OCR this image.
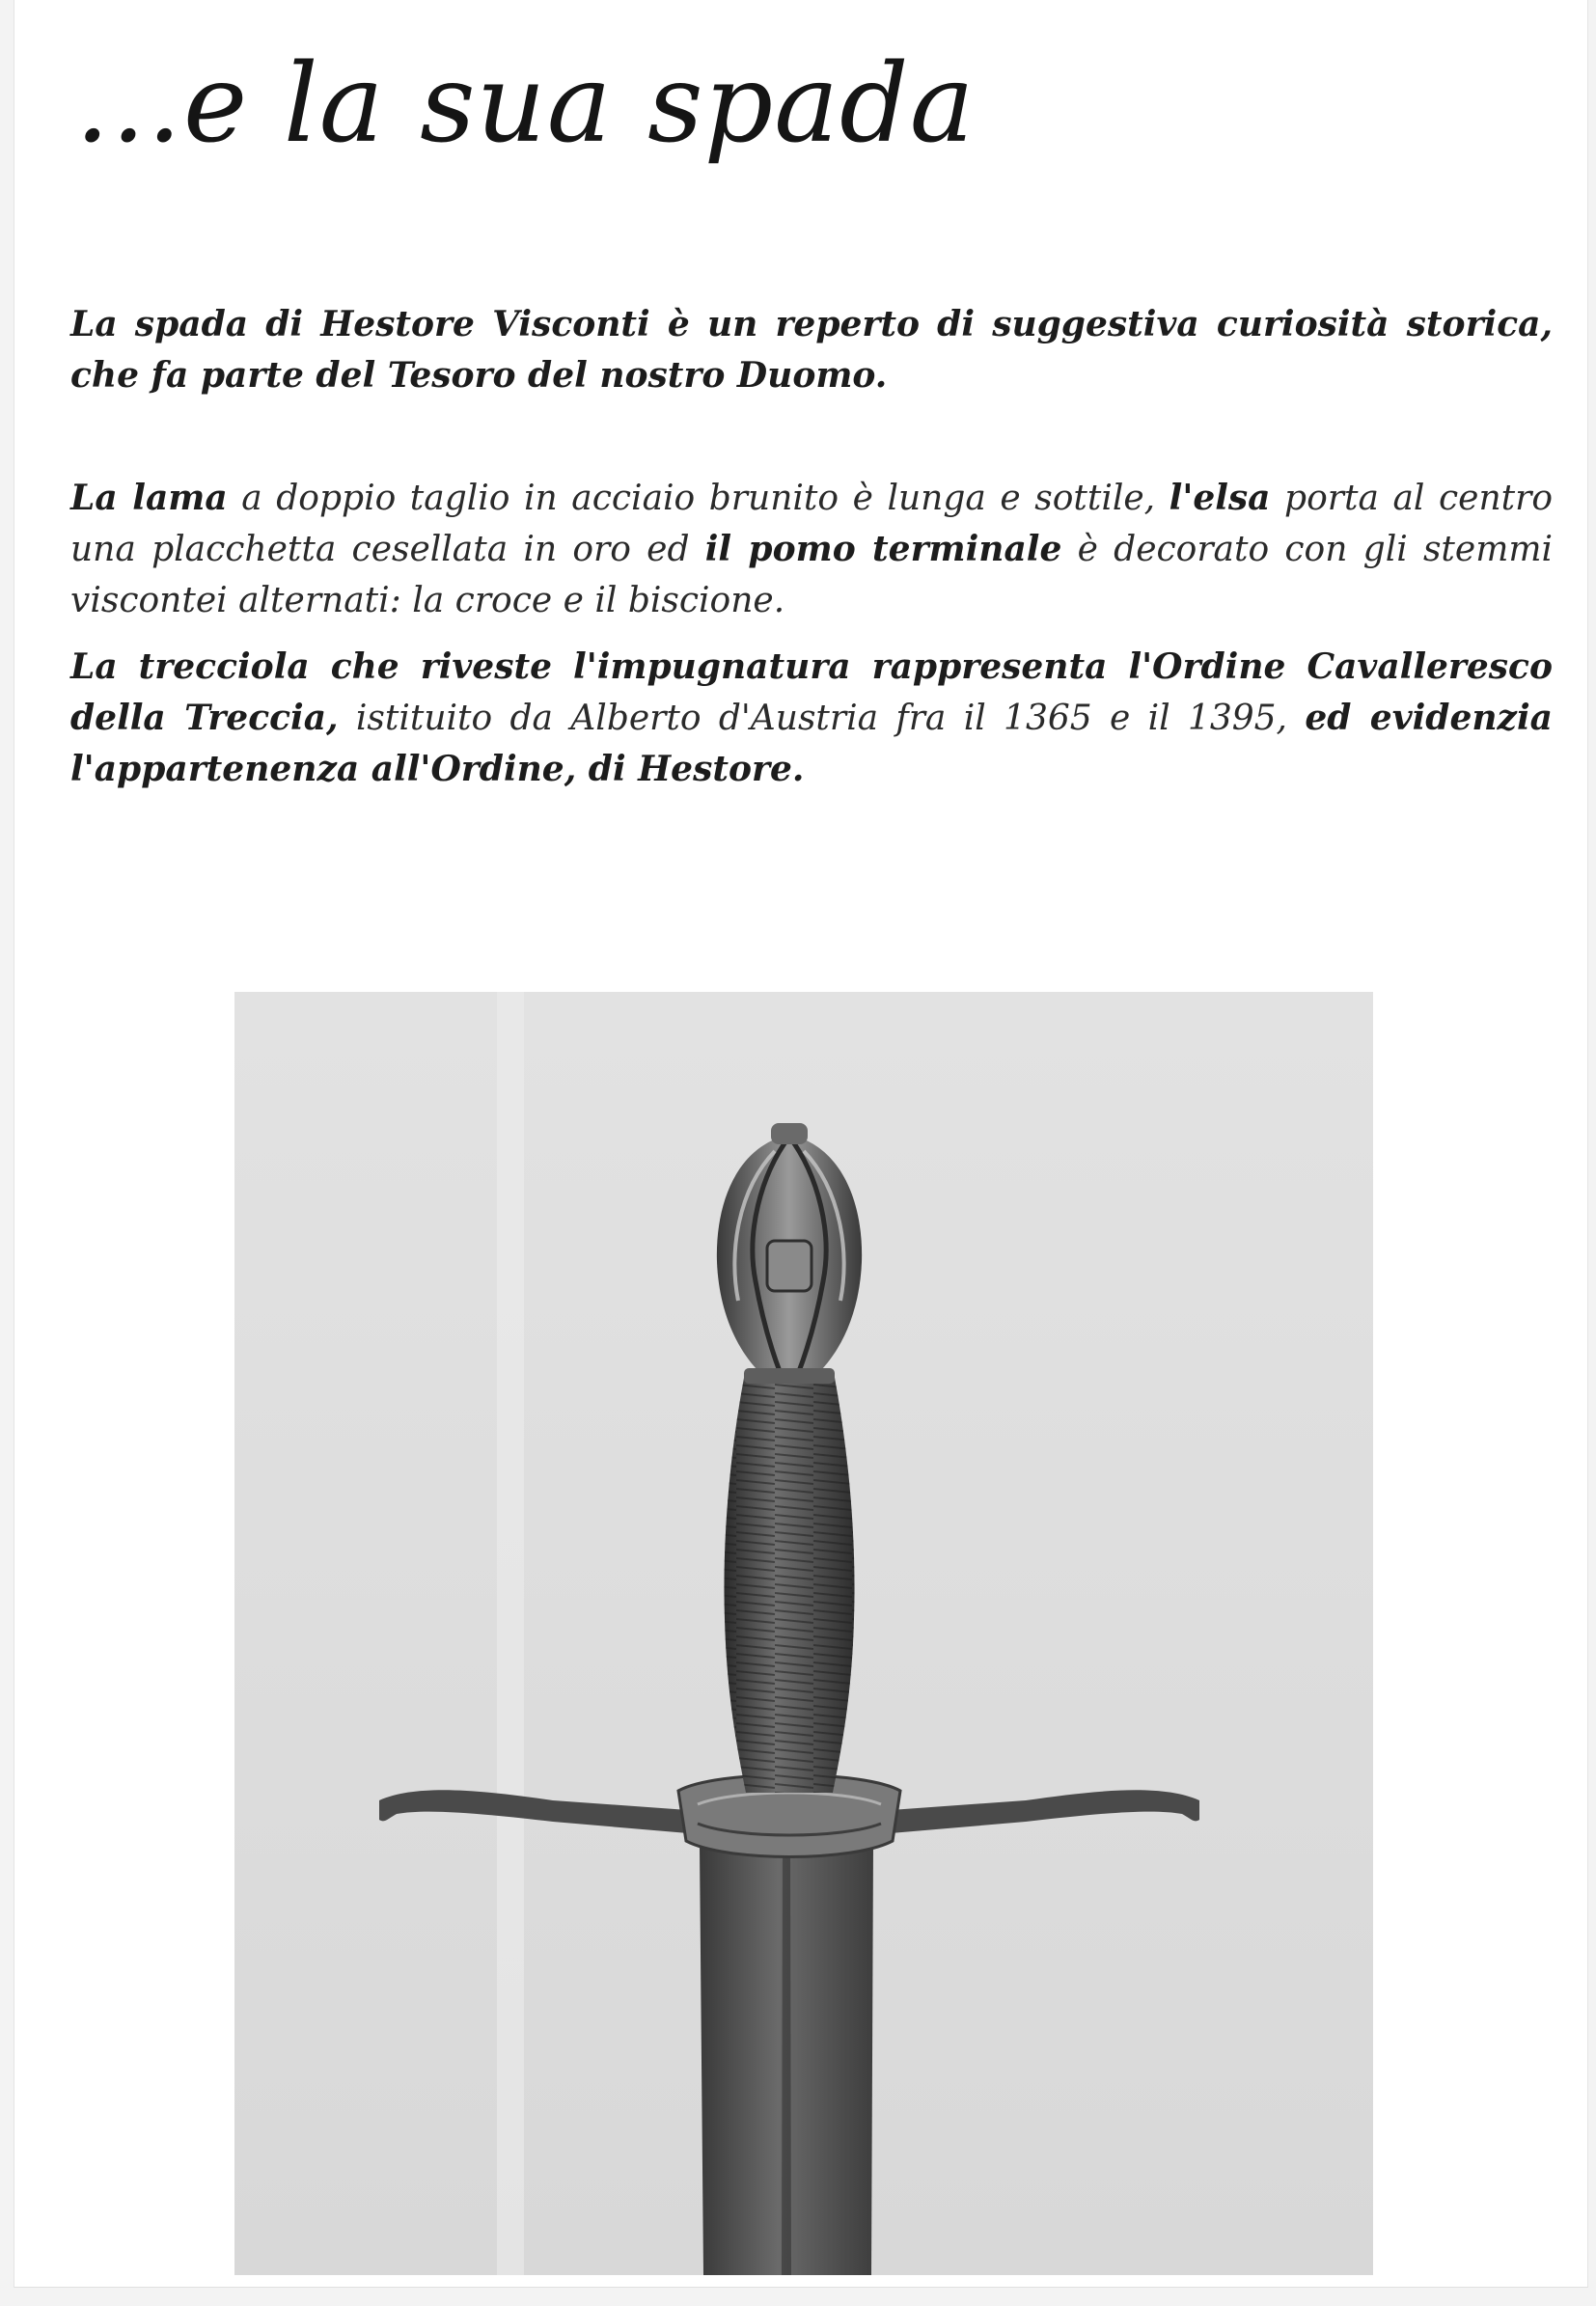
…e la sua spada

La spada di Hestore Visconti è un reperto di suggestiva curiosità storica, che fa parte del Tesoro del nostro Duomo.

La lama a doppio taglio in acciaio brunito è lunga e sottile, l'elsa porta al centro una placchetta cesellata in oro ed il pomo terminale è decorato con gli stemmi viscontei alternati: la croce e il biscione.

La trecciola che riveste l'impugnatura rappresenta l'Ordine Cavalleresco della Treccia, istituito da Alberto d'Austria fra il 1365 e il 1395, ed evidenzia l'appartenenza all'Ordine, di Hestore.
